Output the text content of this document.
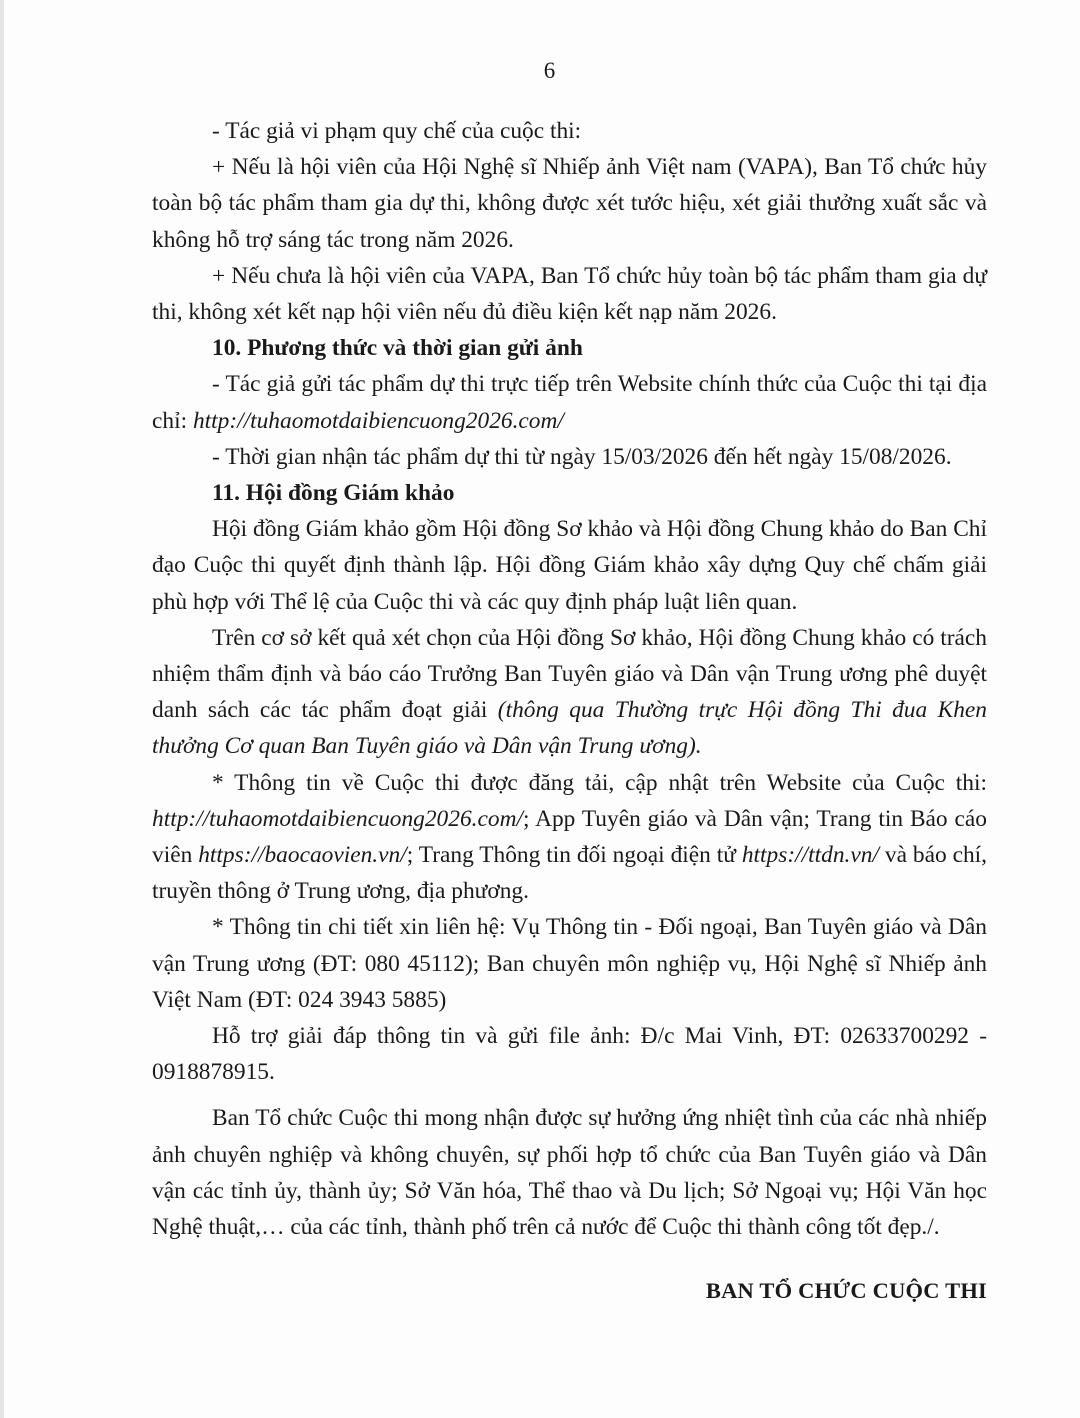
6

- Tác giả vi phạm quy chế của cuộc thi:

+ Nếu là hội viên của Hội Nghệ sĩ Nhiếp ảnh Việt nam (VAPA), Ban Tổ chức hủy toàn bộ tác phẩm tham gia dự thi, không được xét tước hiệu, xét giải thưởng xuất sắc và không hỗ trợ sáng tác trong năm 2026.

+ Nếu chưa là hội viên của VAPA, Ban Tổ chức hủy toàn bộ tác phẩm tham gia dự thi, không xét kết nạp hội viên nếu đủ điều kiện kết nạp năm 2026.

10. Phương thức và thời gian gửi ảnh

- Tác giả gửi tác phẩm dự thi trực tiếp trên Website chính thức của Cuộc thi tại địa chỉ: http://tuhaomotdaibiencuong2026.com/

- Thời gian nhận tác phẩm dự thi từ ngày 15/03/2026 đến hết ngày 15/08/2026.

11. Hội đồng Giám khảo

Hội đồng Giám khảo gồm Hội đồng Sơ khảo và Hội đồng Chung khảo do Ban Chỉ đạo Cuộc thi quyết định thành lập. Hội đồng Giám khảo xây dựng Quy chế chấm giải phù hợp với Thể lệ của Cuộc thi và các quy định pháp luật liên quan.

Trên cơ sở kết quả xét chọn của Hội đồng Sơ khảo, Hội đồng Chung khảo có trách nhiệm thẩm định và báo cáo Trưởng Ban Tuyên giáo và Dân vận Trung ương phê duyệt danh sách các tác phẩm đoạt giải (thông qua Thường trực Hội đồng Thi đua Khen thưởng Cơ quan Ban Tuyên giáo và Dân vận Trung ương).

* Thông tin về Cuộc thi được đăng tải, cập nhật trên Website của Cuộc thi: http://tuhaomotdaibiencuong2026.com/; App Tuyên giáo và Dân vận; Trang tin Báo cáo viên https://baocaovien.vn/; Trang Thông tin đối ngoại điện tử https://ttdn.vn/ và báo chí, truyền thông ở Trung ương, địa phương.

* Thông tin chi tiết xin liên hệ: Vụ Thông tin - Đối ngoại, Ban Tuyên giáo và Dân vận Trung ương (ĐT: 080 45112); Ban chuyên môn nghiệp vụ, Hội Nghệ sĩ Nhiếp ảnh Việt Nam (ĐT: 024 3943 5885)

Hỗ trợ giải đáp thông tin và gửi file ảnh: Đ/c Mai Vinh, ĐT: 02633700292 - 0918878915.

Ban Tổ chức Cuộc thi mong nhận được sự hưởng ứng nhiệt tình của các nhà nhiếp ảnh chuyên nghiệp và không chuyên, sự phối hợp tổ chức của Ban Tuyên giáo và Dân vận các tỉnh ủy, thành ủy; Sở Văn hóa, Thể thao và Du lịch; Sở Ngoại vụ; Hội Văn học Nghệ thuật,… của các tỉnh, thành phố trên cả nước để Cuộc thi thành công tốt đẹp./.

BAN TỔ CHỨC CUỘC THI
